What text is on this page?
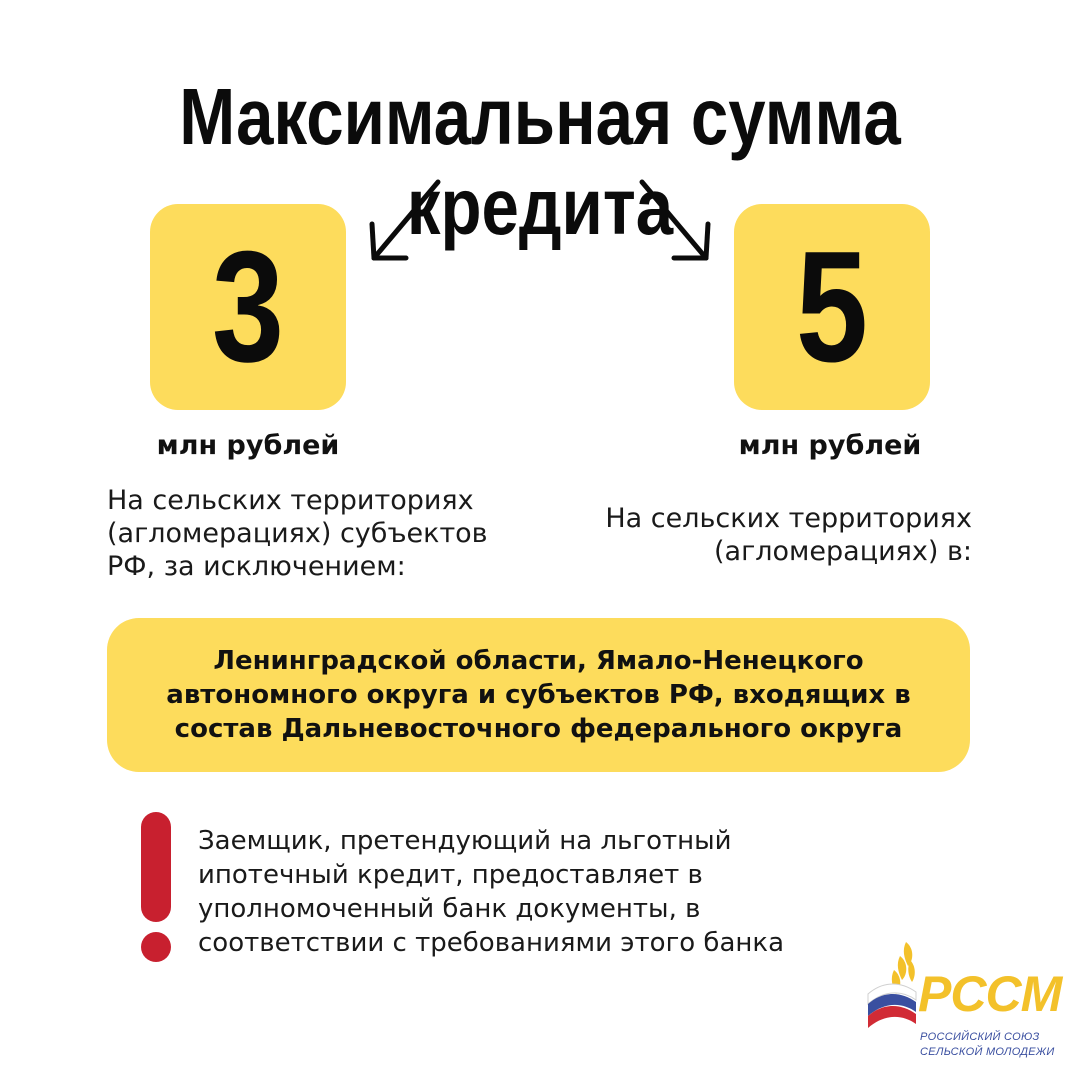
Максимальная сумма кредита
3
млн рублей
На сельских территориях
(агломерациях) субъектов
РФ, за исключением:
5
млн рублей
На сельских территориях
(агломерациях) в:
Ленинградской области, Ямало-Ненецкого
автономного округа и субъектов РФ, входящих в
состав Дальневосточного федерального округа
Заемщик, претендующий на льготный
ипотечный кредит, предоставляет в
уполномоченный банк документы, в
соответствии с требованиями этого банка
РССМ
РОССИЙСКИЙ СОЮЗ
СЕЛЬСКОЙ МОЛОДЕЖИ
